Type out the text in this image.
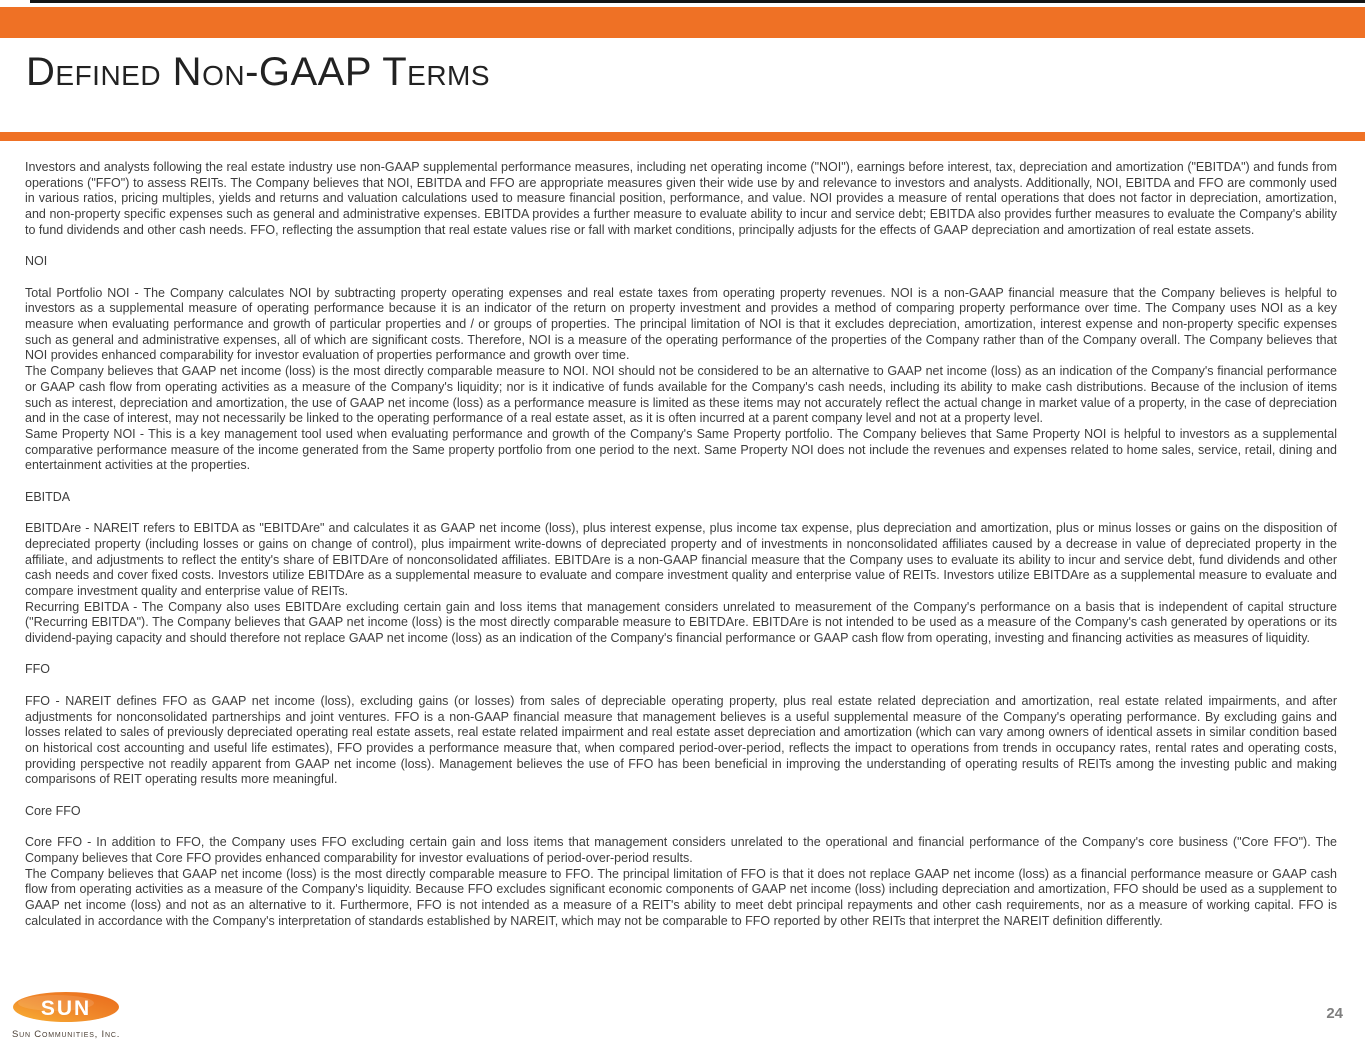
Defined Non-GAAP Terms

Investors and analysts following the real estate industry use non-GAAP supplemental performance measures, including net operating income ("NOI"), earnings before interest, tax, depreciation and amortization ("EBITDA") and funds from operations ("FFO") to assess REITs. The Company believes that NOI, EBITDA and FFO are appropriate measures given their wide use by and relevance to investors and analysts. Additionally, NOI, EBITDA and FFO are commonly used in various ratios, pricing multiples, yields and returns and valuation calculations used to measure financial position, performance, and value. NOI provides a measure of rental operations that does not factor in depreciation, amortization, and non-property specific expenses such as general and administrative expenses. EBITDA provides a further measure to evaluate ability to incur and service debt; EBITDA also provides further measures to evaluate the Company's ability to fund dividends and other cash needs. FFO, reflecting the assumption that real estate values rise or fall with market conditions, principally adjusts for the effects of GAAP depreciation and amortization of real estate assets.

NOI

Total Portfolio NOI - The Company calculates NOI by subtracting property operating expenses and real estate taxes from operating property revenues. NOI is a non-GAAP financial measure that the Company believes is helpful to investors as a supplemental measure of operating performance because it is an indicator of the return on property investment and provides a method of comparing property performance over time. The Company uses NOI as a key measure when evaluating performance and growth of particular properties and / or groups of properties. The principal limitation of NOI is that it excludes depreciation, amortization, interest expense and non-property specific expenses such as general and administrative expenses, all of which are significant costs. Therefore, NOI is a measure of the operating performance of the properties of the Company rather than of the Company overall. The Company believes that NOI provides enhanced comparability for investor evaluation of properties performance and growth over time.

The Company believes that GAAP net income (loss) is the most directly comparable measure to NOI. NOI should not be considered to be an alternative to GAAP net income (loss) as an indication of the Company's financial performance or GAAP cash flow from operating activities as a measure of the Company's liquidity; nor is it indicative of funds available for the Company's cash needs, including its ability to make cash distributions. Because of the inclusion of items such as interest, depreciation and amortization, the use of GAAP net income (loss) as a performance measure is limited as these items may not accurately reflect the actual change in market value of a property, in the case of depreciation and in the case of interest, may not necessarily be linked to the operating performance of a real estate asset, as it is often incurred at a parent company level and not at a property level.

Same Property NOI - This is a key management tool used when evaluating performance and growth of the Company's Same Property portfolio. The Company believes that Same Property NOI is helpful to investors as a supplemental comparative performance measure of the income generated from the Same property portfolio from one period to the next. Same Property NOI does not include the revenues and expenses related to home sales, service, retail, dining and entertainment activities at the properties.

EBITDA

EBITDAre - NAREIT refers to EBITDA as "EBITDAre" and calculates it as GAAP net income (loss), plus interest expense, plus income tax expense, plus depreciation and amortization, plus or minus losses or gains on the disposition of depreciated property (including losses or gains on change of control), plus impairment write-downs of depreciated property and of investments in nonconsolidated affiliates caused by a decrease in value of depreciated property in the affiliate, and adjustments to reflect the entity's share of EBITDAre of nonconsolidated affiliates. EBITDAre is a non-GAAP financial measure that the Company uses to evaluate its ability to incur and service debt, fund dividends and other cash needs and cover fixed costs. Investors utilize EBITDAre as a supplemental measure to evaluate and compare investment quality and enterprise value of REITs. Investors utilize EBITDAre as a supplemental measure to evaluate and compare investment quality and enterprise value of REITs.

Recurring EBITDA - The Company also uses EBITDAre excluding certain gain and loss items that management considers unrelated to measurement of the Company's performance on a basis that is independent of capital structure ("Recurring EBITDA"). The Company believes that GAAP net income (loss) is the most directly comparable measure to EBITDAre. EBITDAre is not intended to be used as a measure of the Company's cash generated by operations or its dividend-paying capacity and should therefore not replace GAAP net income (loss) as an indication of the Company's financial performance or GAAP cash flow from operating, investing and financing activities as measures of liquidity.

FFO

FFO - NAREIT defines FFO as GAAP net income (loss), excluding gains (or losses) from sales of depreciable operating property, plus real estate related depreciation and amortization, real estate related impairments, and after adjustments for nonconsolidated partnerships and joint ventures. FFO is a non-GAAP financial measure that management believes is a useful supplemental measure of the Company's operating performance. By excluding gains and losses related to sales of previously depreciated operating real estate assets, real estate related impairment and real estate asset depreciation and amortization (which can vary among owners of identical assets in similar condition based on historical cost accounting and useful life estimates), FFO provides a performance measure that, when compared period-over-period, reflects the impact to operations from trends in occupancy rates, rental rates and operating costs, providing perspective not readily apparent from GAAP net income (loss). Management believes the use of FFO has been beneficial in improving the understanding of operating results of REITs among the investing public and making comparisons of REIT operating results more meaningful.

Core FFO

Core FFO - In addition to FFO, the Company uses FFO excluding certain gain and loss items that management considers unrelated to the operational and financial performance of the Company's core business ("Core FFO"). The Company believes that Core FFO provides enhanced comparability for investor evaluations of period-over-period results.

The Company believes that GAAP net income (loss) is the most directly comparable measure to FFO. The principal limitation of FFO is that it does not replace GAAP net income (loss) as a financial performance measure or GAAP cash flow from operating activities as a measure of the Company's liquidity. Because FFO excludes significant economic components of GAAP net income (loss) including depreciation and amortization, FFO should be used as a supplement to GAAP net income (loss) and not as an alternative to it. Furthermore, FFO is not intended as a measure of a REIT's ability to meet debt principal repayments and other cash requirements, nor as a measure of working capital. FFO is calculated in accordance with the Company's interpretation of standards established by NAREIT, which may not be comparable to FFO reported by other REITs that interpret the NAREIT definition differently.

SUN
Sun Communities, Inc.
24
